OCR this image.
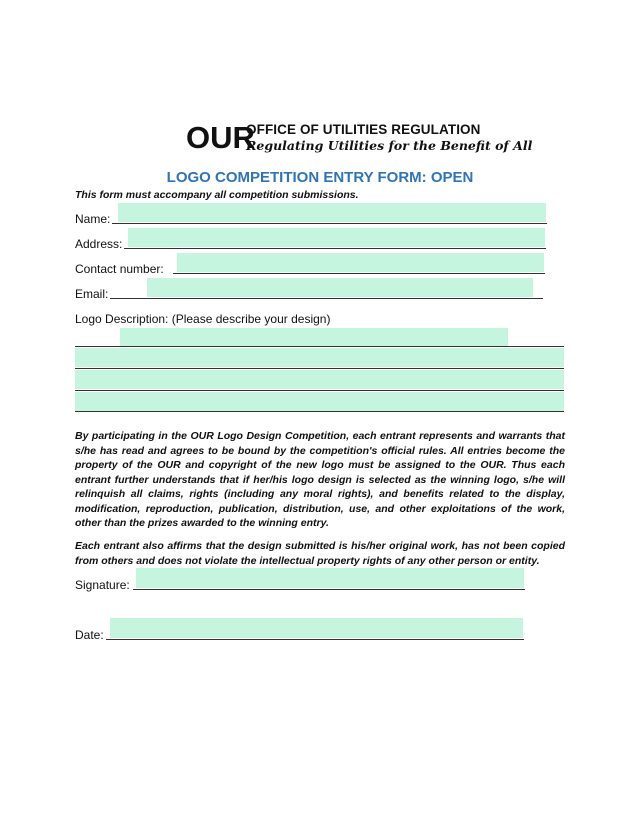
OUR
OFFICE OF UTILITIES REGULATION
Regulating Utilities for the Benefit of All
LOGO COMPETITION ENTRY FORM: OPEN
This form must accompany all competition submissions.
Name:
Address:
Contact number:
Email:
Logo Description: (Please describe your design)
By participating in the OUR Logo Design Competition, each entrant represents and warrants that s/he has read and agrees to be bound by the competition's official rules. All entries become the property of the OUR and copyright of the new logo must be assigned to the OUR. Thus each entrant further understands that if her/his logo design is selected as the winning logo, s/he will relinquish all claims, rights (including any moral rights), and benefits related to the display, modification, reproduction, publication, distribution, use, and other exploitations of the work, other than the prizes awarded to the winning entry.
Each entrant also affirms that the design submitted is his/her original work, has not been copied from others and does not violate the intellectual property rights of any other person or entity.
Signature:
Date:
